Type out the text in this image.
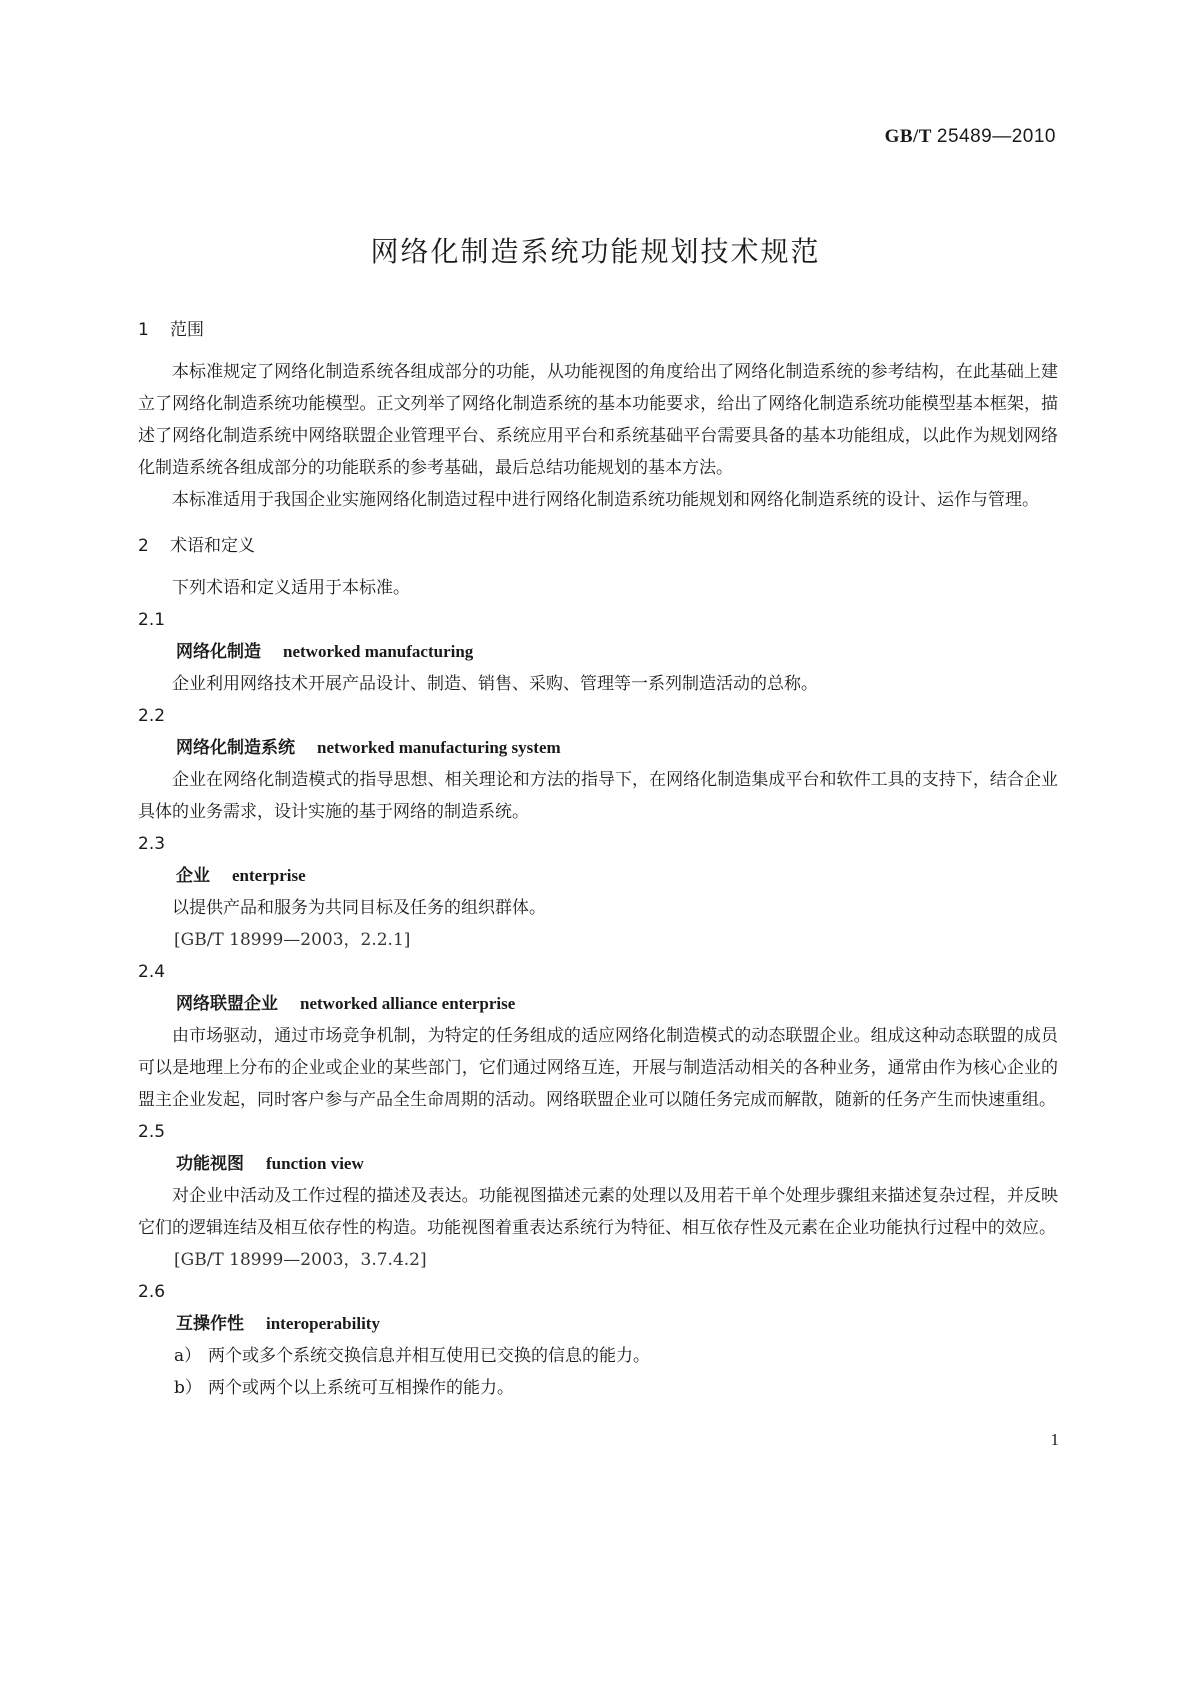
GB/T 25489—2010
网络化制造系统功能规划技术规范
1 范围

本标准规定了网络化制造系统各组成部分的功能，从功能视图的角度给出了网络化制造系统的参考结构，在此基础上建立了网络化制造系统功能模型。正文列举了网络化制造系统的基本功能要求，给出了网络化制造系统功能模型基本框架，描述了网络化制造系统中网络联盟企业管理平台、系统应用平台和系统基础平台需要具备的基本功能组成，以此作为规划网络化制造系统各组成部分的功能联系的参考基础，最后总结功能规划的基本方法。

本标准适用于我国企业实施网络化制造过程中进行网络化制造系统功能规划和网络化制造系统的设计、运作与管理。

2 术语和定义

下列术语和定义适用于本标准。

2.1
网络化制造 networked manufacturing

企业利用网络技术开展产品设计、制造、销售、采购、管理等一系列制造活动的总称。

2.2
网络化制造系统 networked manufacturing system

企业在网络化制造模式的指导思想、相关理论和方法的指导下，在网络化制造集成平台和软件工具的支持下，结合企业具体的业务需求，设计实施的基于网络的制造系统。

2.3
企业 enterprise

以提供产品和服务为共同目标及任务的组织群体。

[GB/T 18999—2003，2.2.1]
2.4
网络联盟企业 networked alliance enterprise

由市场驱动，通过市场竞争机制，为特定的任务组成的适应网络化制造模式的动态联盟企业。组成这种动态联盟的成员可以是地理上分布的企业或企业的某些部门，它们通过网络互连，开展与制造活动相关的各种业务，通常由作为核心企业的盟主企业发起，同时客户参与产品全生命周期的活动。网络联盟企业可以随任务完成而解散，随新的任务产生而快速重组。

2.5
功能视图 function view

对企业中活动及工作过程的描述及表达。功能视图描述元素的处理以及用若干单个处理步骤组来描述复杂过程，并反映它们的逻辑连结及相互依存性的构造。功能视图着重表达系统行为特征、相互依存性及元素在企业功能执行过程中的效应。

[GB/T 18999—2003，3.7.4.2]
2.6
互操作性 interoperability
a） 两个或多个系统交换信息并相互使用已交换的信息的能力。
b） 两个或两个以上系统可互相操作的能力。
1
